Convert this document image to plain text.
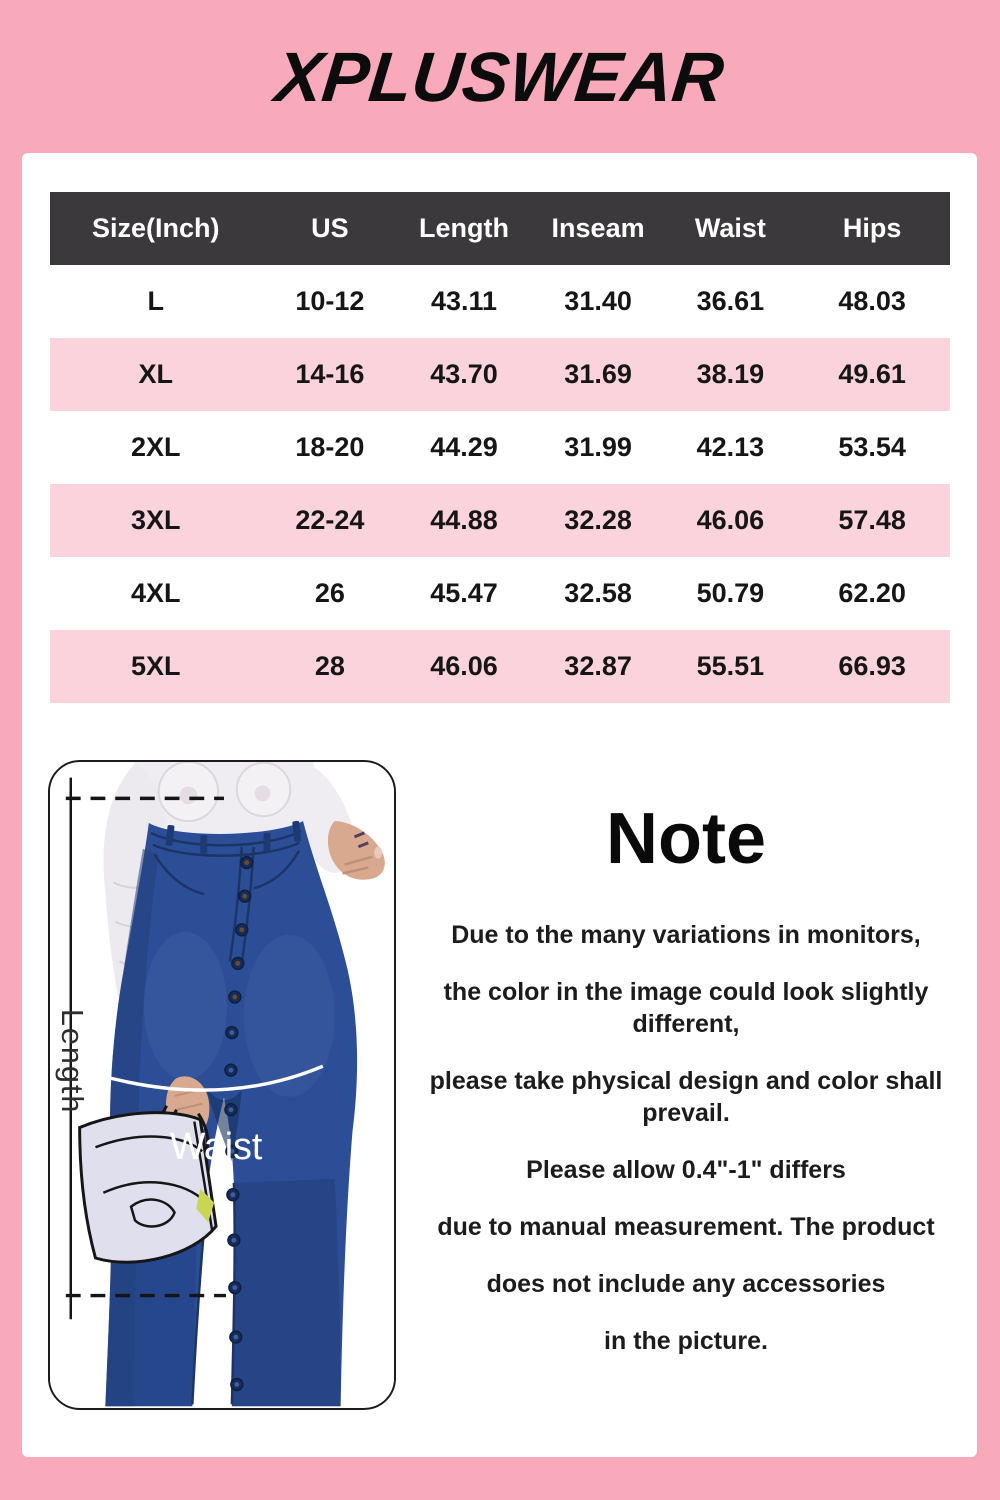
XPLUSWEAR
Size(Inch)	US	Length	Inseam	Waist	Hips
L	10-12	43.11	31.40	36.61	48.03
XL	14-16	43.70	31.69	38.19	49.61
2XL	18-20	44.29	31.99	42.13	53.54
3XL	22-24	44.88	32.28	46.06	57.48
4XL	26	45.47	32.58	50.79	62.20
5XL	28	46.06	32.87	55.51	66.93
Waist
Length
Note

Due to the many variations in monitors,

the color in the image could look slightly different,

please take physical design and color shall prevail.

Please allow 0.4"-1" differs

due to manual measurement. The product

does not include any accessories

in the picture.
